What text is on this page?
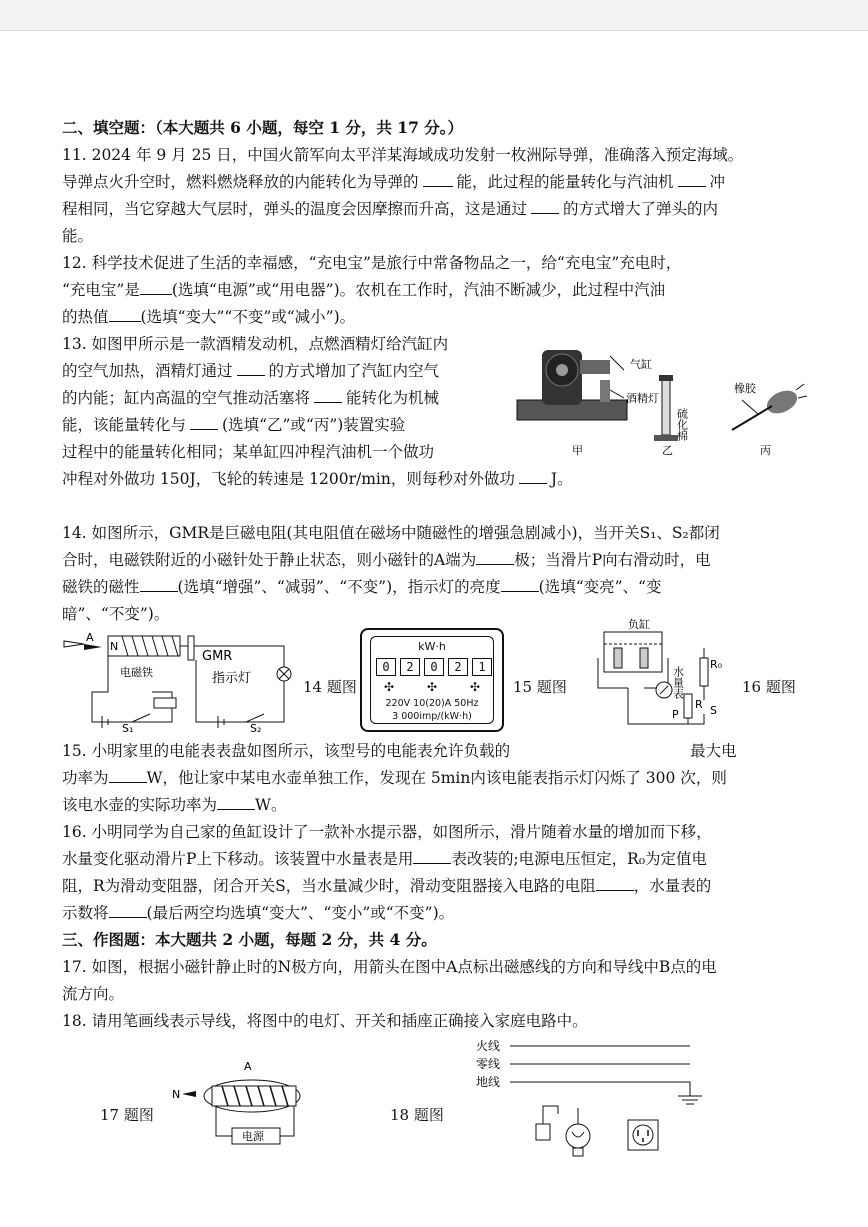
二、填空题：（本大题共 6 小题，每空 1 分，共 17 分。）
11. 2024 年 9 月 25 日，中国火箭军向太平洋某海域成功发射一枚洲际导弹，准确落入预定海域。
导弹点火升空时，燃料燃烧释放的内能转化为导弹的 能，此过程的能量转化与汽油机 冲
程相同，当它穿越大气层时，弹头的温度会因摩擦而升高，这是通过 的方式增大了弹头的内
能。
12. 科学技术促进了生活的幸福感，“充电宝”是旅行中常备物品之一，给“充电宝”充电时，
“充电宝”是 (选填“电源”或“用电器”)。农机在工作时，汽油不断减少，此过程中汽油
的热值 (选填“变大”“不变”或“减小”)。
13. 如图甲所示是一款酒精发动机，点燃酒精灯给汽缸内
的空气加热，酒精灯通过 的方式增加了汽缸内空气
的内能；缸内高温的空气推动活塞将 能转化为机械
能，该能量转化与 (选填“乙”或“丙”)装置实验
过程中的能量转化相同；某单缸四冲程汽油机一个做功
冲程对外做功 150J，飞轮的转速是 1200r/min，则每秒对外做功 J。
气缸
酒精灯
甲
硫化棉
乙
橡胶
丙
14. 如图所示，GMR是巨磁电阻(其电阻值在磁场中随磁性的增强急剧减小)，当开关S₁、S₂都闭
合时，电磁铁附近的小磁针处于静止状态，则小磁针的A端为 极；当滑片P向右滑动时，电
磁铁的磁性 (选填“增强”、“减弱”、“不变”)，指示灯的亮度 (选填“变亮”、“变
暗”、“不变”)。
A
N
电磁铁
S₁
GMR
指示灯
S₂
14 题图
kW·h
0 2 0 2 1
✣	✣	✣
220V 10(20)A 50Hz
3 000imp/(kW·h)
15 题图
负缸
水量表
R₀
R
P	S
16 题图
15. 小明家里的电能表表盘如图所示，该型号的电能表允许负载的	最大电
功率为 W，他让家中某电水壶单独工作，发现在 5min内该电能表指示灯闪烁了 300 次，则
该电水壶的实际功率为 W。
16. 小明同学为自己家的鱼缸设计了一款补水提示器，如图所示，滑片随着水量的增加而下移，
水量变化驱动滑片P上下移动。该装置中水量表是用 表改装的;电源电压恒定，R₀为定值电
阻，R为滑动变阻器，闭合开关S，当水量减少时，滑动变阻器接入电路的电阻 ，水量表的
示数将 (最后两空均选填“变大”、“变小”或“不变”)。
三、作图题：本大题共 2 小题，每题 2 分，共 4 分。
17. 如图，根据小磁针静止时的N极方向，用箭头在图中A点标出磁感线的方向和导线中B点的电
流方向。
18. 请用笔画线表示导线，将图中的电灯、开关和插座正确接入家庭电路中。
17 题图
A
N
电源
18 题图
火线
零线
地线
